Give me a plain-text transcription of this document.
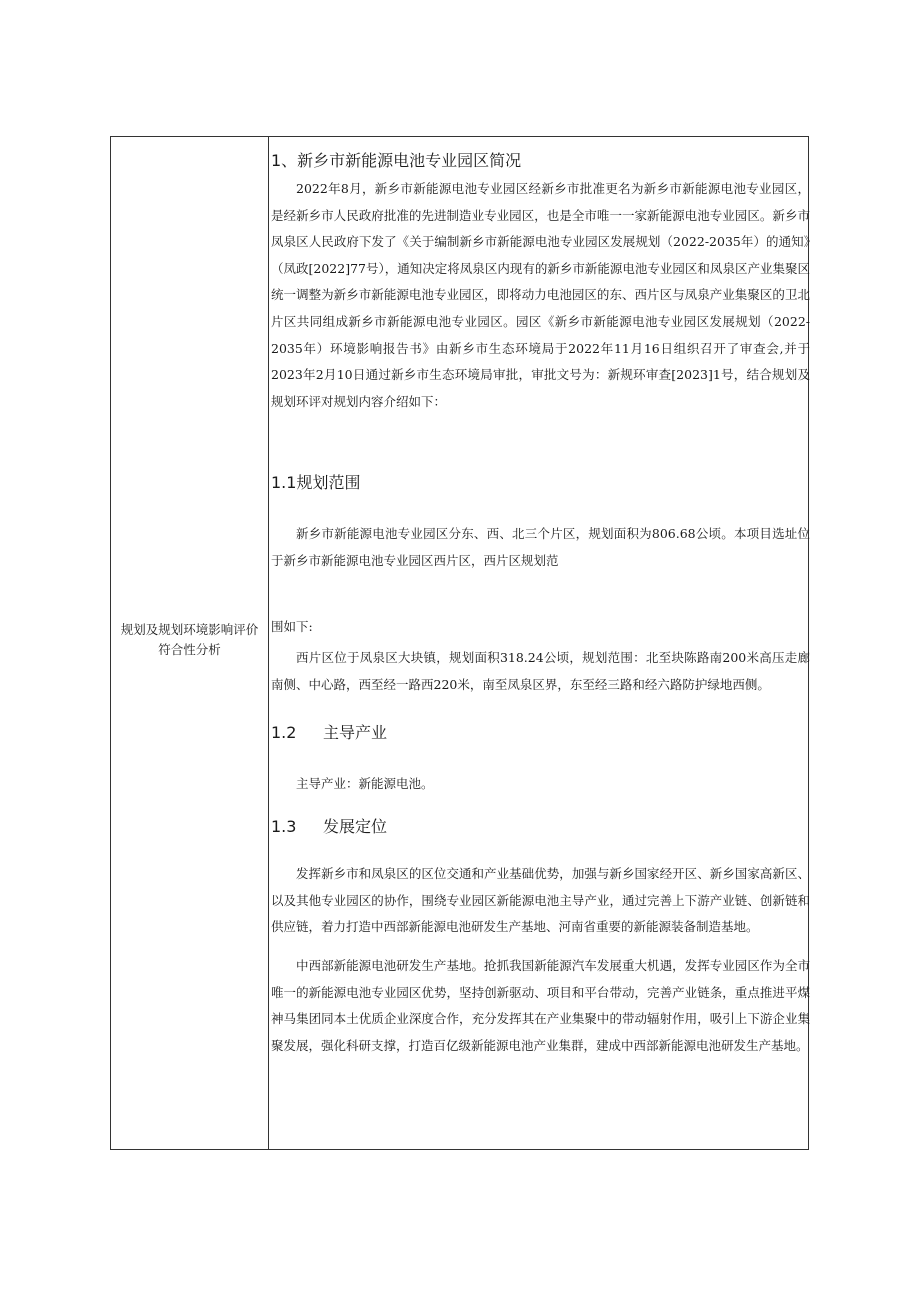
规划及规划环境影响评价符合性分析
1、新乡市新能源电池专业园区简况

2022年8月，新乡市新能源电池专业园区经新乡市批准更名为新乡市新能源电池专业园区，是经新乡市人民政府批准的先进制造业专业园区，也是全市唯一一家新能源电池专业园区。新乡市凤泉区人民政府下发了《关于编制新乡市新能源电池专业园区发展规划（2022-2035年）的通知》（凤政[2022]77号），通知决定将凤泉区内现有的新乡市新能源电池专业园区和凤泉区产业集聚区统一调整为新乡市新能源电池专业园区，即将动力电池园区的东、西片区与凤泉产业集聚区的卫北片区共同组成新乡市新能源电池专业园区。园区《新乡市新能源电池专业园区发展规划（2022-2035年）环境影响报告书》由新乡市生态环境局于2022年11月16日组织召开了审查会,并于2023年2月10日通过新乡市生态环境局审批，审批文号为：新规环审查[2023]1号，结合规划及规划环评对规划内容介绍如下：

1.1规划范围

新乡市新能源电池专业园区分东、西、北三个片区，规划面积为806.68公顷。本项目选址位于新乡市新能源电池专业园区西片区，西片区规划范

围如下:

西片区位于凤泉区大块镇，规划面积318.24公顷，规划范围：北至块陈路南200米高压走廊南侧、中心路，西至经一路西220米，南至凤泉区界，东至经三路和经六路防护绿地西侧。

1.2 主导产业

主导产业：新能源电池。

1.3 发展定位

发挥新乡市和凤泉区的区位交通和产业基础优势，加强与新乡国家经开区、新乡国家高新区、以及其他专业园区的协作，围绕专业园区新能源电池主导产业，通过完善上下游产业链、创新链和供应链，着力打造中西部新能源电池研发生产基地、河南省重要的新能源装备制造基地。

中西部新能源电池研发生产基地。抢抓我国新能源汽车发展重大机遇，发挥专业园区作为全市唯一的新能源电池专业园区优势，坚持创新驱动、项目和平台带动，完善产业链条，重点推进平煤神马集团同本土优质企业深度合作，充分发挥其在产业集聚中的带动辐射作用，吸引上下游企业集聚发展，强化科研支撑，打造百亿级新能源电池产业集群，建成中西部新能源电池研发生产基地。
